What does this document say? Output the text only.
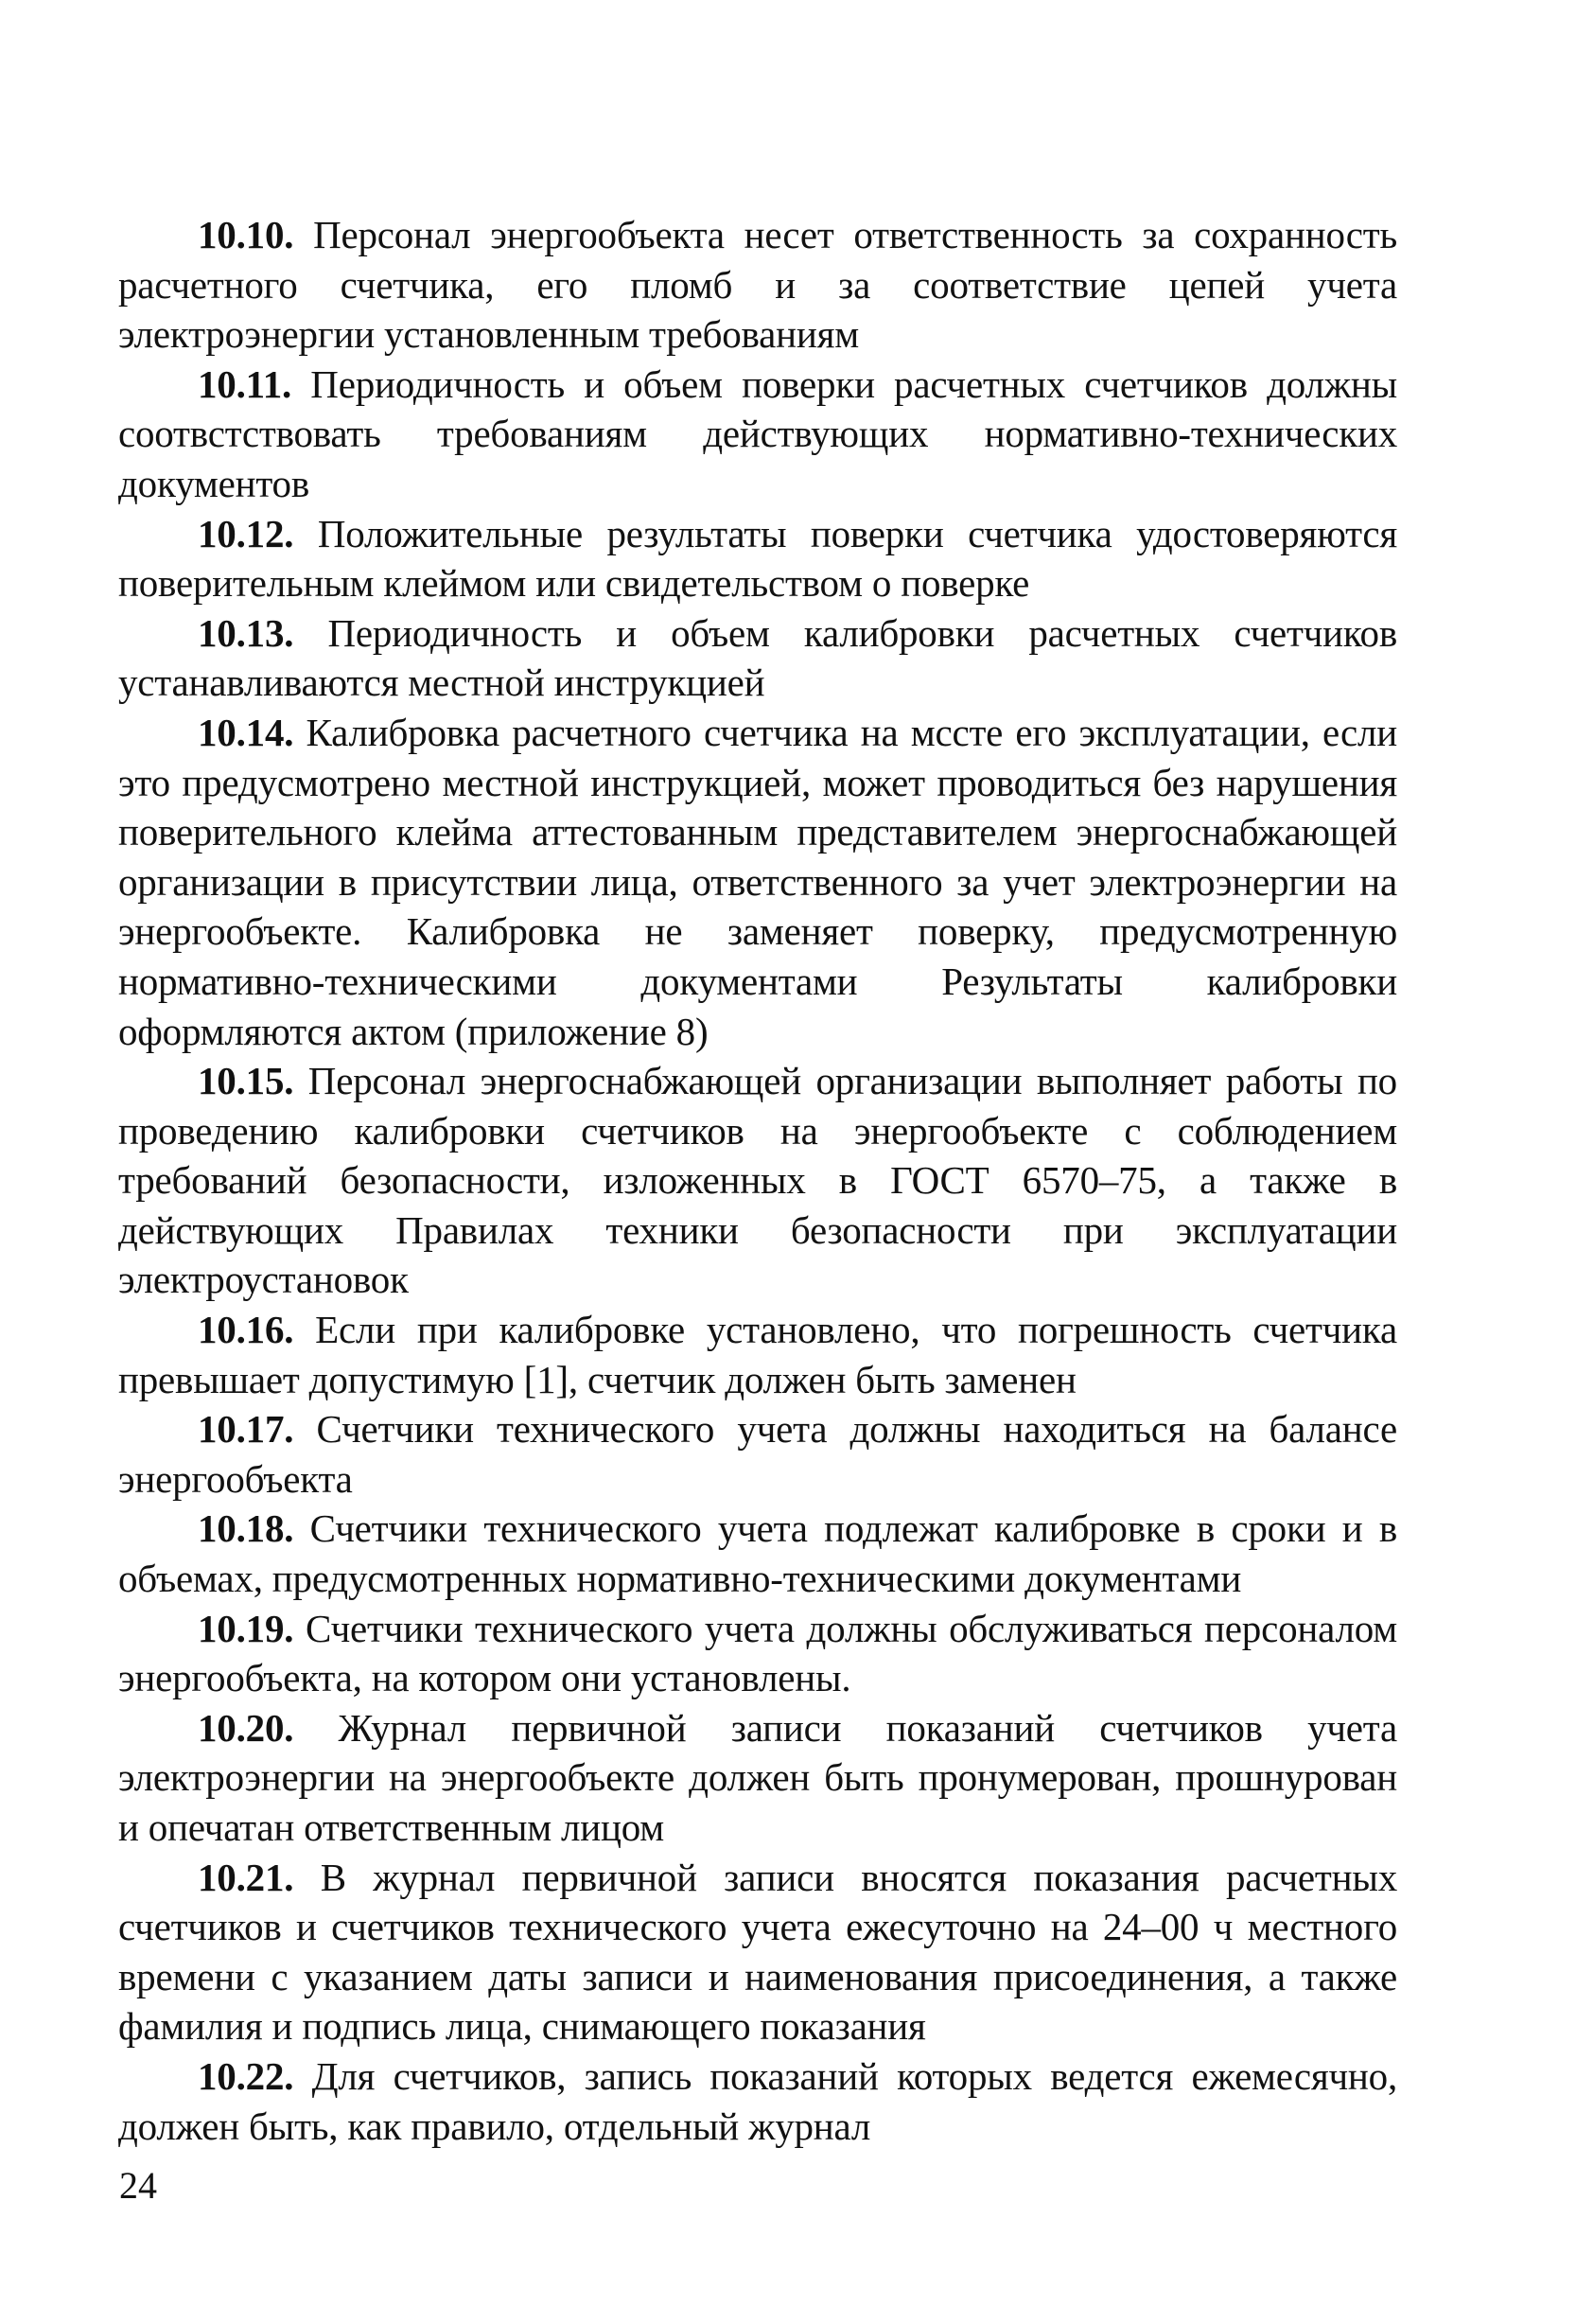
10.10. Персонал энергообъекта несет ответственность за сохранность расчетного счетчика, его пломб и за соответствие цепей учета электроэнергии установленным требованиям

10.11. Периодичность и объем поверки расчетных счетчиков должны соотвстствовать требованиям действующих нормативно-технических документов

10.12. Положительные результаты поверки счетчика удостоверяются поверительным клеймом или свидетельством о поверке

10.13. Периодичность и объем калибровки расчетных счетчиков устанавливаются местной инструкцией

10.14. Калибровка расчетного счетчика на мссте его эксплуатации, если это предусмотрено местной инструкцией, может проводиться без нарушения поверительного клейма аттестованным представителем энергоснабжающей организации в присутствии лица, ответственного за учет электроэнергии на энергообъекте. Калибровка не заменяет поверку, предусмотренную нормативно-техническими документами Результаты калибровки оформляются актом (приложение 8)

10.15. Персонал энергоснабжающей организации выполняет работы по проведению калибровки счетчиков на энергообъекте с соблюдением требований безопасности, изложенных в ГОСТ 6570–75, а также в действующих Правилах техники безопасности при эксплуатации электроустановок

10.16. Если при калибровке установлено, что погрешность счетчика превышает допустимую [1], счетчик должен быть заменен

10.17. Счетчики технического учета должны находиться на балансе энергообъекта

10.18. Счетчики технического учета подлежат калибровке в сроки и в объемах, предусмотренных нормативно-техническими документами

10.19. Счетчики технического учета должны обслуживаться персоналом энергообъекта, на котором они установлены.

10.20. Журнал первичной записи показаний счетчиков учета электроэнергии на энергообъекте должен быть пронумерован, прошнурован и опечатан ответственным лицом

10.21. В журнал первичной записи вносятся показания расчетных счетчиков и счетчиков технического учета ежесуточно на 24–00 ч местного времени с указанием даты записи и наименования присоединения, а также фамилия и подпись лица, снимающего показания

10.22. Для счетчиков, запись показаний которых ведется ежемесячно, должен быть, как правило, отдельный журнал

24
